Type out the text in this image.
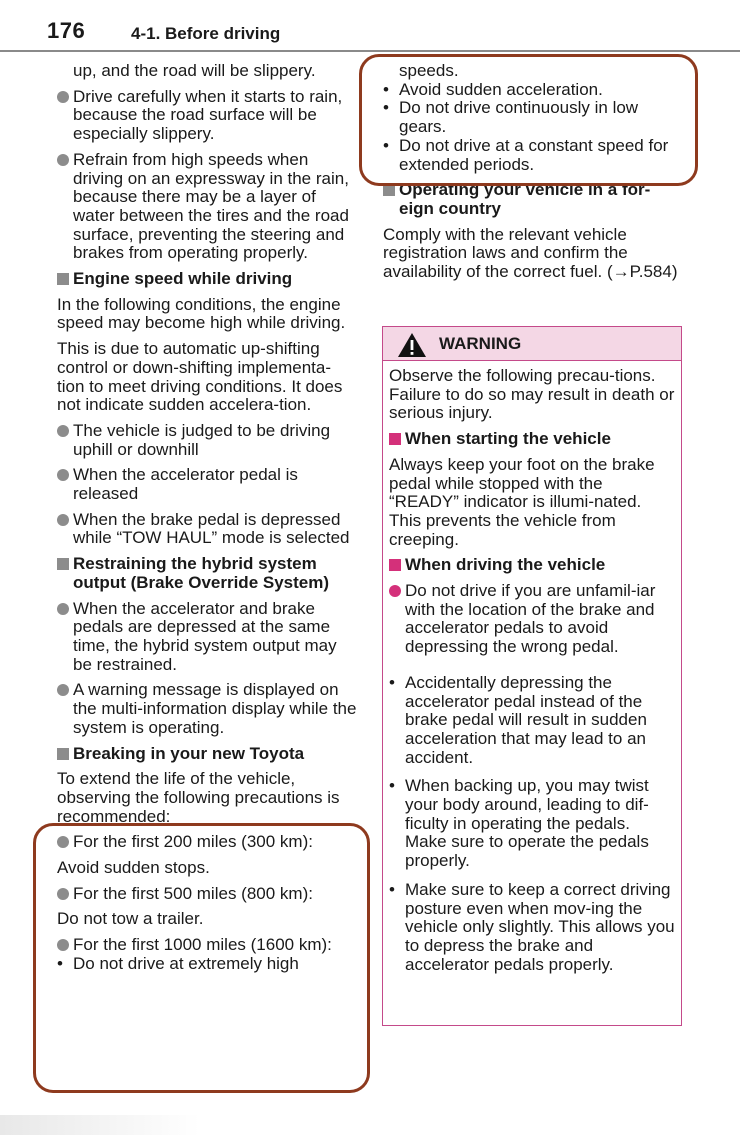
176	4-1. Before driving
up, and the road will be slippery.
Drive carefully when it starts to rain, because the road surface will be especially slippery.
Refrain from high speeds when driving on an expressway in the rain, because there may be a layer of water between the tires and the road surface, preventing the steering and brakes from operating properly.
Engine speed while driving
In the following conditions, the engine speed may become high while driving.
This is due to automatic up-shifting control or down-shifting implementa-tion to meet driving conditions. It does not indicate sudden accelera-tion.
The vehicle is judged to be driving uphill or downhill
When the accelerator pedal is released
When the brake pedal is depressed while “TOW HAUL” mode is selected
Restraining the hybrid system output (Brake Override System)
When the accelerator and brake pedals are depressed at the same time, the hybrid system output may be restrained.
A warning message is displayed on the multi-information display while the system is operating.
Breaking in your new Toyota
To extend the life of the vehicle, observing the following precautions is recommended:
For the first 200 miles (300 km):
Avoid sudden stops.
For the first 500 miles (800 km):
Do not tow a trailer.
For the first 1000 miles (1600 km):
• Do not drive at extremely high
speeds.
• Avoid sudden acceleration.
• Do not drive continuously in low gears.
• Do not drive at a constant speed for extended periods.
Operating your vehicle in a for-eign country
Comply with the relevant vehicle registration laws and confirm the availability of the correct fuel. (→P.584)
WARNING
Observe the following precau-tions. Failure to do so may result in death or serious injury.
When starting the vehicle
Always keep your foot on the brake pedal while stopped with the “READY” indicator is illumi-nated. This prevents the vehicle from creeping.
When driving the vehicle
Do not drive if you are unfamil-iar with the location of the brake and accelerator pedals to avoid depressing the wrong pedal.
• Accidentally depressing the accelerator pedal instead of the brake pedal will result in sudden acceleration that may lead to an accident.
• When backing up, you may twist your body around, leading to dif-ficulty in operating the pedals. Make sure to operate the pedals properly.
• Make sure to keep a correct driving posture even when mov-ing the vehicle only slightly. This allows you to depress the brake and accelerator pedals properly.
